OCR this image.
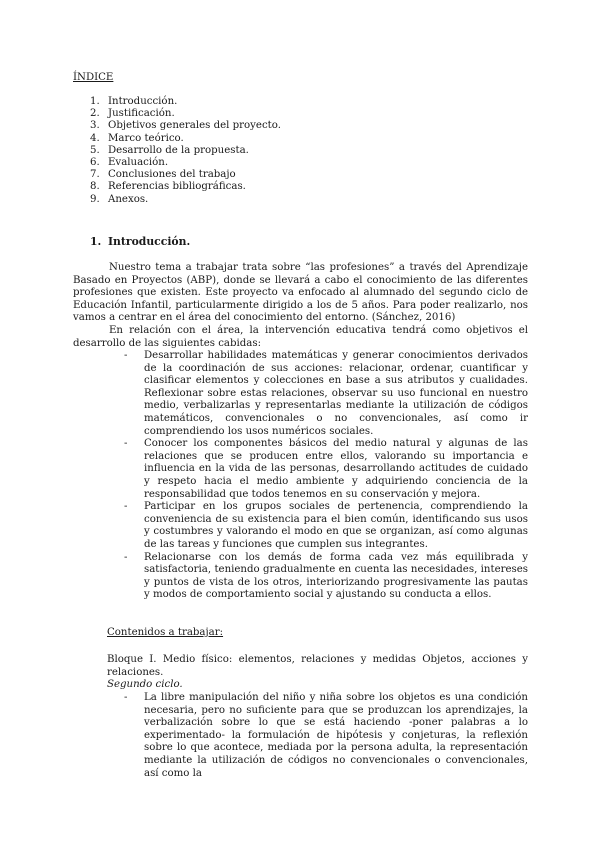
ÍNDICE
1. Introducción.
2. Justificación.
3. Objetivos generales del proyecto.
4. Marco teórico.
5. Desarrollo de la propuesta.
6. Evaluación.
7. Conclusiones del trabajo
8. Referencias bibliográficas.
9. Anexos.
1. Introducción.
Nuestro tema a trabajar trata sobre “las profesiones” a través del Aprendizaje Basado en Proyectos (ABP), donde se llevará a cabo el conocimiento de las diferentes profesiones que existen. Este proyecto va enfocado al alumnado del segundo ciclo de Educación Infantil, particularmente dirigido a los de 5 años. Para poder realizarlo, nos vamos a centrar en el área del conocimiento del entorno. (Sánchez, 2016)
En relación con el área, la intervención educativa tendrá como objetivos el desarrollo de las siguientes cabidas:
- Desarrollar habilidades matemáticas y generar conocimientos derivados de la coordinación de sus acciones: relacionar, ordenar, cuantificar y clasificar elementos y colecciones en base a sus atributos y cualidades. Reflexionar sobre estas relaciones, observar su uso funcional en nuestro medio, verbalizarlas y representarlas mediante la utilización de códigos matemáticos, convencionales o no convencionales, así como ir comprendiendo los usos numéricos sociales.
- Conocer los componentes básicos del medio natural y algunas de las relaciones que se producen entre ellos, valorando su importancia e influencia en la vida de las personas, desarrollando actitudes de cuidado y respeto hacia el medio ambiente y adquiriendo conciencia de la responsabilidad que todos tenemos en su conservación y mejora.
- Participar en los grupos sociales de pertenencia, comprendiendo la conveniencia de su existencia para el bien común, identificando sus usos y costumbres y valorando el modo en que se organizan, así como algunas de las tareas y funciones que cumplen sus integrantes.
- Relacionarse con los demás de forma cada vez más equilibrada y satisfactoria, teniendo gradualmente en cuenta las necesidades, intereses y puntos de vista de los otros, interiorizando progresivamente las pautas y modos de comportamiento social y ajustando su conducta a ellos.
Contenidos a trabajar:
Bloque I. Medio físico: elementos, relaciones y medidas Objetos, acciones y relaciones.
Segundo ciclo.
- La libre manipulación del niño y niña sobre los objetos es una condición necesaria, pero no suficiente para que se produzcan los aprendizajes, la verbalización sobre lo que se está haciendo -poner palabras a lo experimentado- la formulación de hipótesis y conjeturas, la reflexión sobre lo que acontece, mediada por la persona adulta, la representación mediante la utilización de códigos no convencionales o convencionales, así como la
